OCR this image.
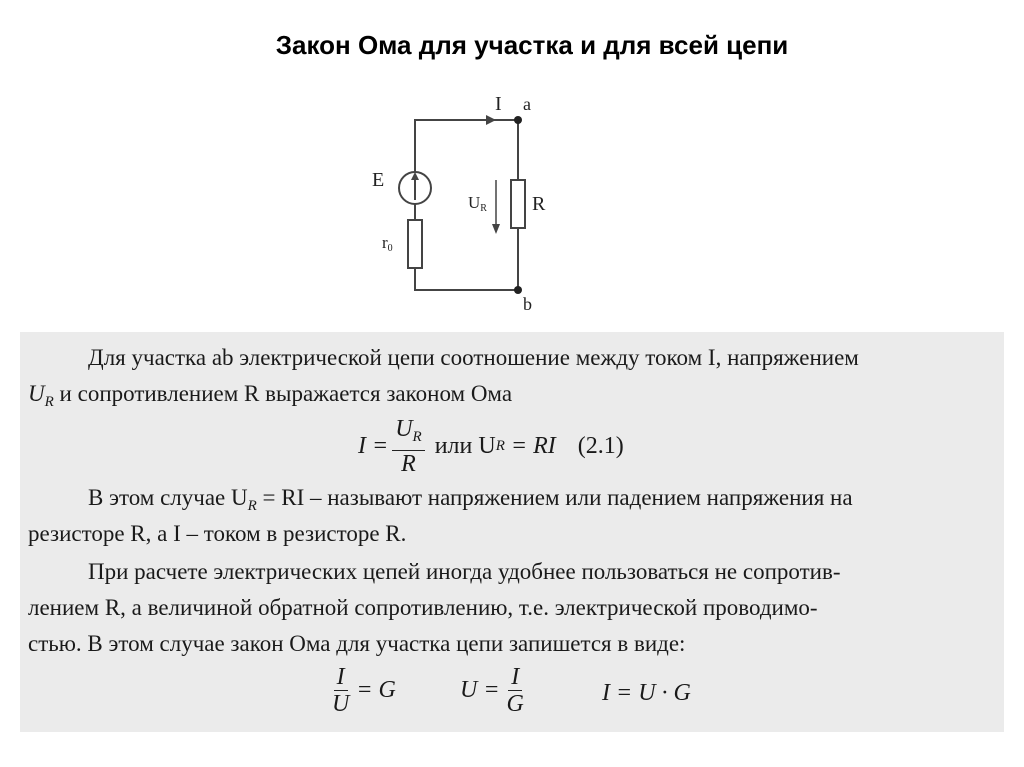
Закон Ома для участка и для всей цепи
I a
b
E
r0
UR R
Для участка ab электрической цепи соотношение между током I, напряжением
$U_R$ и сопротивлением R выражается законом Ома
$I = \frac{U_R}{R}$ или U R = RI (2.1)
В этом случае $U_R$ = RI – называют напряжением или падением напряжения на
резисторе R, а I – током в резисторе R.
При расчете электрических цепей иногда удобнее пользоваться не сопротив-
лением R, а величиной обратной сопротивлению, т.е. электрической проводимо-
стью. В этом случае закон Ома для участка цепи запишется в виде:
$\frac{I}{U} = G$	$U = \frac{I}{G}$	I = U · G
